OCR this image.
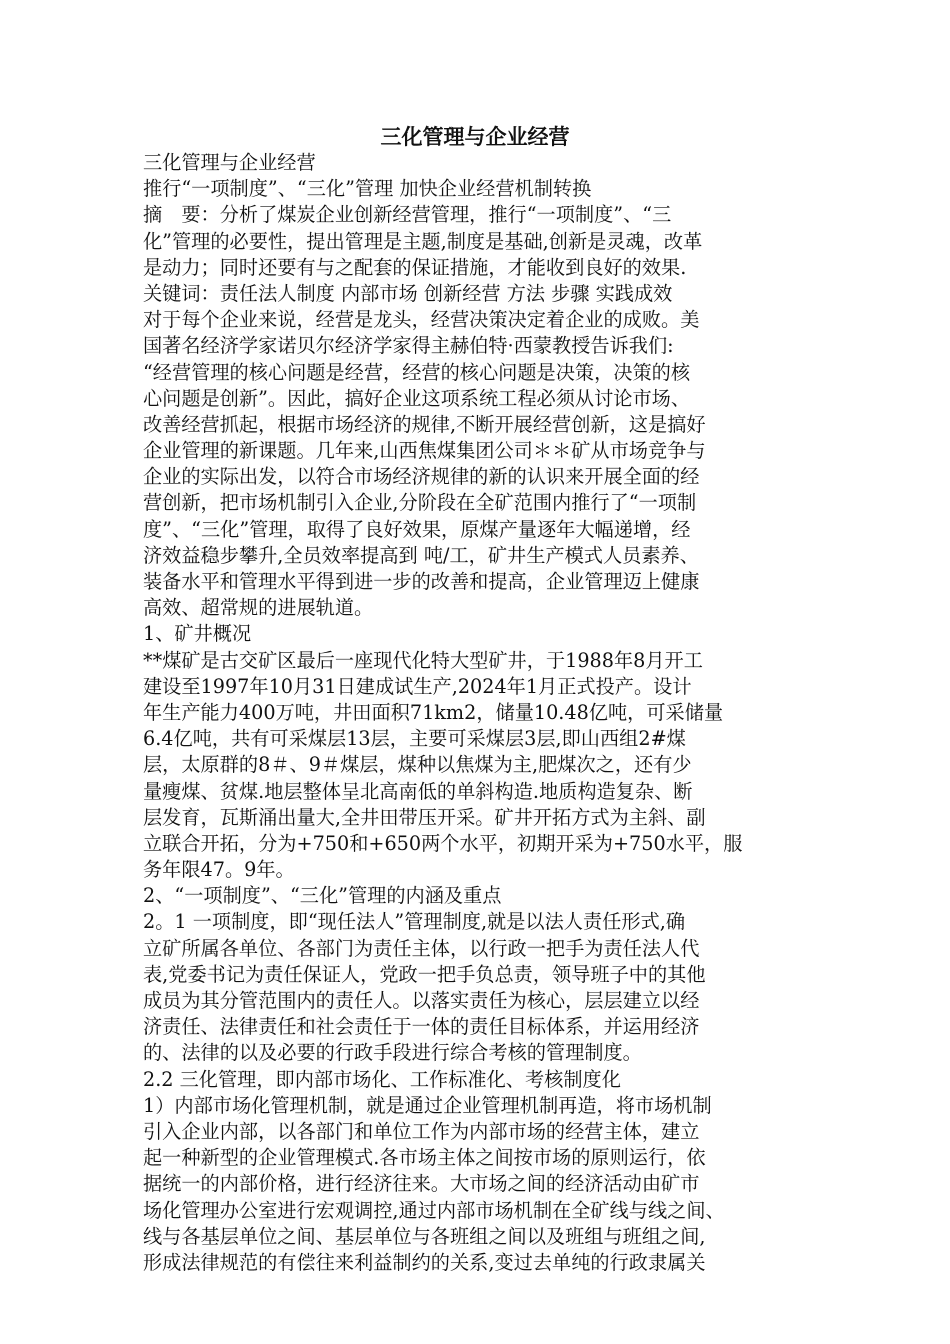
三化管理与企业经营
三化管理与企业经营
推行“一项制度”、“三化”管理 加快企业经营机制转换
摘　要：分析了煤炭企业创新经营管理，推行“一项制度”、“三
化”管理的必要性，提出管理是主题,制度是基础,创新是灵魂，改革
是动力；同时还要有与之配套的保证措施，才能收到良好的效果.
关键词：责任法人制度 内部市场 创新经营 方法 步骤 实践成效
对于每个企业来说，经营是龙头，经营决策决定着企业的成败。美
国著名经济学家诺贝尔经济学家得主赫伯特·西蒙教授告诉我们:
“经营管理的核心问题是经营，经营的核心问题是决策，决策的核
心问题是创新”。因此，搞好企业这项系统工程必须从讨论市场、
改善经营抓起，根据市场经济的规律,不断开展经营创新，这是搞好
企业管理的新课题。几年来,山西焦煤集团公司＊＊矿从市场竞争与
企业的实际出发，以符合市场经济规律的新的认识来开展全面的经
营创新，把市场机制引入企业,分阶段在全矿范围内推行了“一项制
度”、“三化”管理，取得了良好效果，原煤产量逐年大幅递增，经
济效益稳步攀升,全员效率提高到 吨/工，矿井生产模式人员素养、
装备水平和管理水平得到进一步的改善和提高，企业管理迈上健康
高效、超常规的进展轨道。
1、矿井概况
**煤矿是古交矿区最后一座现代化特大型矿井，于1988年8月开工
建设至1997年10月31日建成试生产,2024年1月正式投产。设计
年生产能力400万吨，井田面积71km2，储量10.48亿吨，可采储量
6.4亿吨，共有可采煤层13层，主要可采煤层3层,即山西组2#煤
层，太原群的8＃、9＃煤层，煤种以焦煤为主,肥煤次之，还有少
量瘦煤、贫煤.地层整体呈北高南低的单斜构造.地质构造复杂、断
层发育，瓦斯涌出量大,全井田带压开采。矿井开拓方式为主斜、副
立联合开拓，分为+750和+650两个水平，初期开采为+750水平，服
务年限47。9年。
2、“一项制度”、“三化”管理的内涵及重点
2。1 一项制度，即“现任法人”管理制度,就是以法人责任形式,确
立矿所属各单位、各部门为责任主体，以行政一把手为责任法人代
表,党委书记为责任保证人，党政一把手负总责，领导班子中的其他
成员为其分管范围内的责任人。以落实责任为核心，层层建立以经
济责任、法律责任和社会责任于一体的责任目标体系，并运用经济
的、法律的以及必要的行政手段进行综合考核的管理制度。
2.2 三化管理，即内部市场化、工作标准化、考核制度化
1）内部市场化管理机制，就是通过企业管理机制再造，将市场机制
引入企业内部，以各部门和单位工作为内部市场的经营主体，建立
起一种新型的企业管理模式.各市场主体之间按市场的原则运行，依
据统一的内部价格，进行经济往来。大市场之间的经济活动由矿市
场化管理办公室进行宏观调控,通过内部市场机制在全矿线与线之间、
线与各基层单位之间、基层单位与各班组之间以及班组与班组之间,
形成法律规范的有偿往来利益制约的关系,变过去单纯的行政隶属关
